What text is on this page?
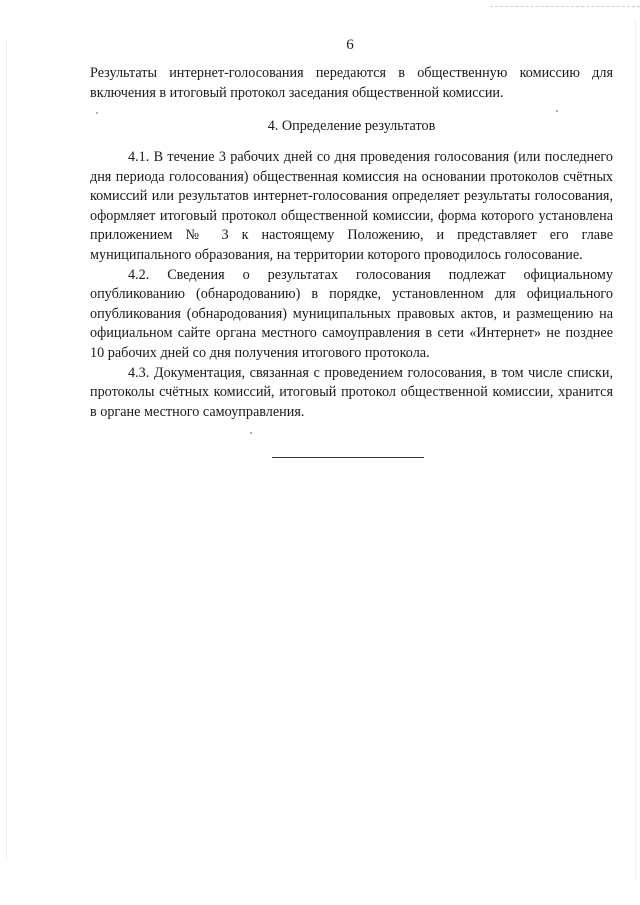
6
Результаты интернет-голосования передаются в общественную комиссию для включения в итоговый протокол заседания общественной комиссии.
4. Определение результатов

4.1. В течение 3 рабочих дней со дня проведения голосования (или последнего дня периода голосования) общественная комиссия на основании протоколов счётных комиссий или результатов интернет-голосования определяет результаты голосования, оформляет итоговый протокол общественной комиссии, форма которого установлена приложением № 3 к настоящему Положению, и представляет его главе муниципального образования, на территории которого проводилось голосование.

4.2. Сведения о результатах голосования подлежат официальному опубликованию (обнародованию) в порядке, установленном для официального опубликования (обнародования) муниципальных правовых актов, и размещению на официальном сайте органа местного самоуправления в сети «Интернет» не позднее 10 рабочих дней со дня получения итогового протокола.

4.3. Документация, связанная с проведением голосования, в том числе списки, протоколы счётных комиссий, итоговый протокол общественной комиссии, хранится в органе местного самоуправления.
